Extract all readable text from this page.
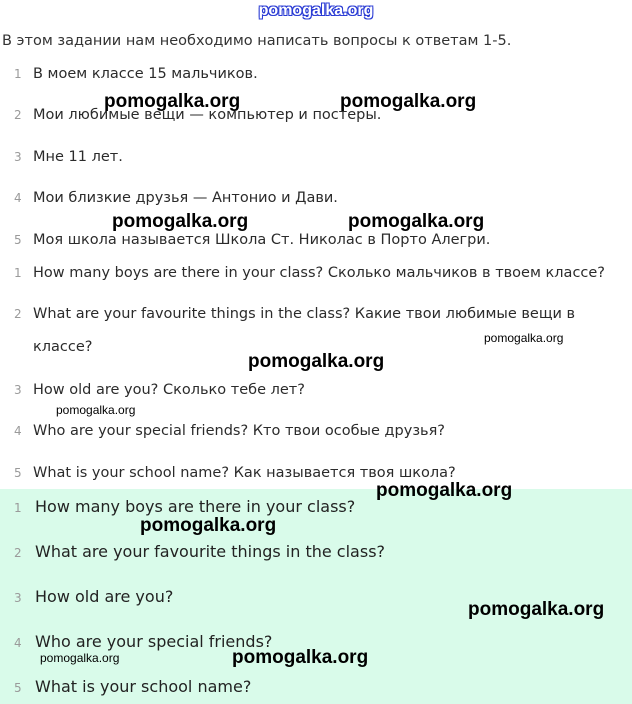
pomogalka.org
В этом задании нам необходимо написать вопросы к ответам 1-5.
1 В моем классе 15 мальчиков.
2 Мои любимые вещи — компьютер и постеры.
3 Мне 11 лет.
4 Мои близкие друзья — Антонио и Дави.
5 Моя школа называется Школа Ст. Николас в Порто Алегри.
1 How many boys are there in your class? Сколько мальчиков в твоем классе?
2 What are your favourite things in the class? Какие твои любимые вещи в
классе?
3 How old are you? Сколько тебе лет?
4 Who are your special friends? Кто твои особые друзья?
5 What is your school name? Как называется твоя школа?
1 How many boys are there in your class?
2 What are your favourite things in the class?
3 How old are you?
4 Who are your special friends?
5 What is your school name?
pomogalka.org	pomogalka.org
pomogalka.org	pomogalka.org
pomogalka.org
pomogalka.org
pomogalka.org
pomogalka.org
pomogalka.org
pomogalka.org
pomogalka.org	pomogalka.org
